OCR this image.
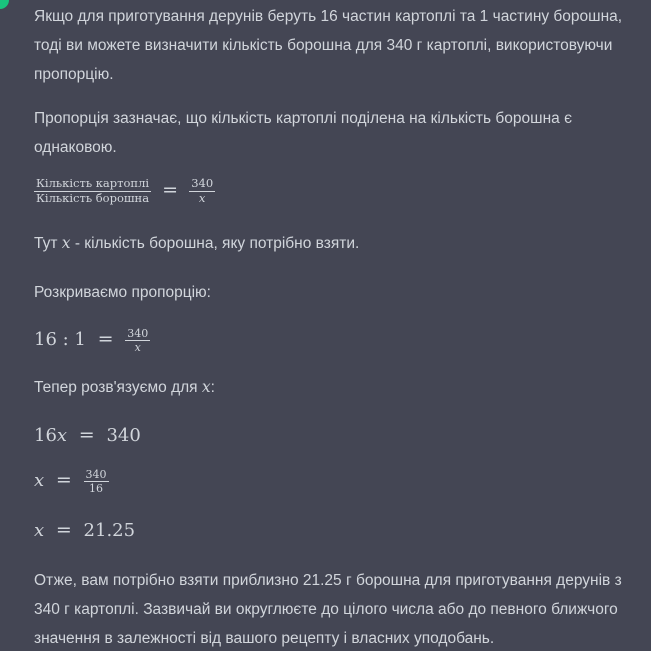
Якщо для приготування дерунів беруть 16 частин картоплі та 1 частину борошна, тоді ви можете визначити кількість борошна для 340 г картоплі, використовуючи пропорцію.

Пропорція зазначає, що кількість картоплі поділена на кількість борошна є однаковою.

$\frac{\text{Кількість картоплі}}{\text{Кількість борошна}} = \frac{340}{x}$

Тут x - кількість борошна, яку потрібно взяти.

Розкриваємо пропорцію:

16 : $1 = \frac{340}{x}$

Тепер розв'язуємо для x:

16x = 340
$x = \frac{340}{16}$
x = 21.25

Отже, вам потрібно взяти приблизно 21.25 г борошна для приготування дерунів з 340 г картоплі. Зазвичай ви округлюєте до цілого числа або до певного ближчого значення в залежності від вашого рецепту і власних уподобань.
